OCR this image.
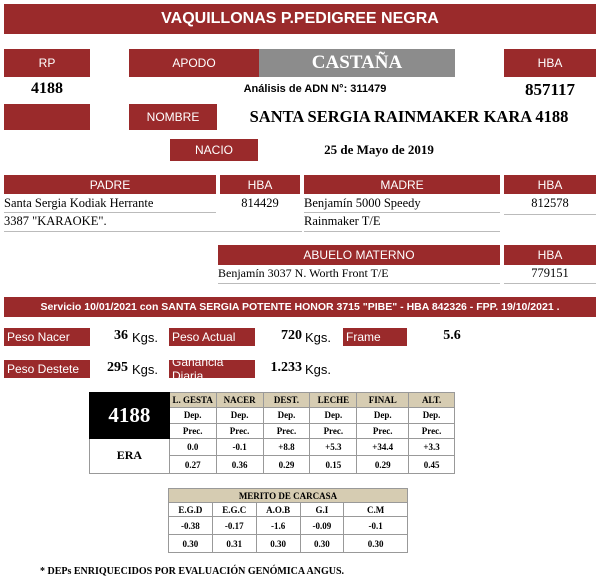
VAQUILLONAS P.PEDIGREE NEGRA
RP
4188
APODO	CASTAÑA	HBA
857117
Análisis de ADN N°: 311479
NOMBRE	SANTA SERGIA RAINMAKER KARA 4188
NACIO	25 de Mayo de 2019
PADRE	HBA
Santa Sergia Kodiak Herrante	814429
3387 "KARAOKE".
MADRE	HBA
Benjamín 5000 Speedy	812578
Rainmaker T/E
ABUELO MATERNO	HBA
Benjamín 3037 N. Worth Front T/E	779151
Servicio 10/01/2021 con SANTA SERGIA POTENTE HONOR 3715 "PIBE" - HBA 842326 - FPP. 19/10/2021 .
Peso Nacer	36 Kgs.	Peso Actual	720 Kgs.	Frame	5.6
Peso Destete	295 Kgs.	Ganancia Diaria
1.233 Kgs.
4188	L. GESTA	NACER	DEST.	LECHE	FINAL	ALT.
	Dep.	Dep.	Dep.	Dep.	Dep.	Dep.
	Prec.	Prec.	Prec.	Prec.	Prec.	Prec.
ERA	0.0	-0.1	+8.8	+5.3	+34.4	+3.3
	0.27	0.36	0.29	0.15	0.29	0.45
MERITO DE CARCASA				
E.G.D	E.G.C	A.O.B	G.I	C.M
-0.38	-0.17	-1.6	-0.09	-0.1
0.30	0.31	0.30	0.30	0.30
* DEPs ENRIQUECIDOS POR EVALUACIÓN GENÓMICA ANGUS.
